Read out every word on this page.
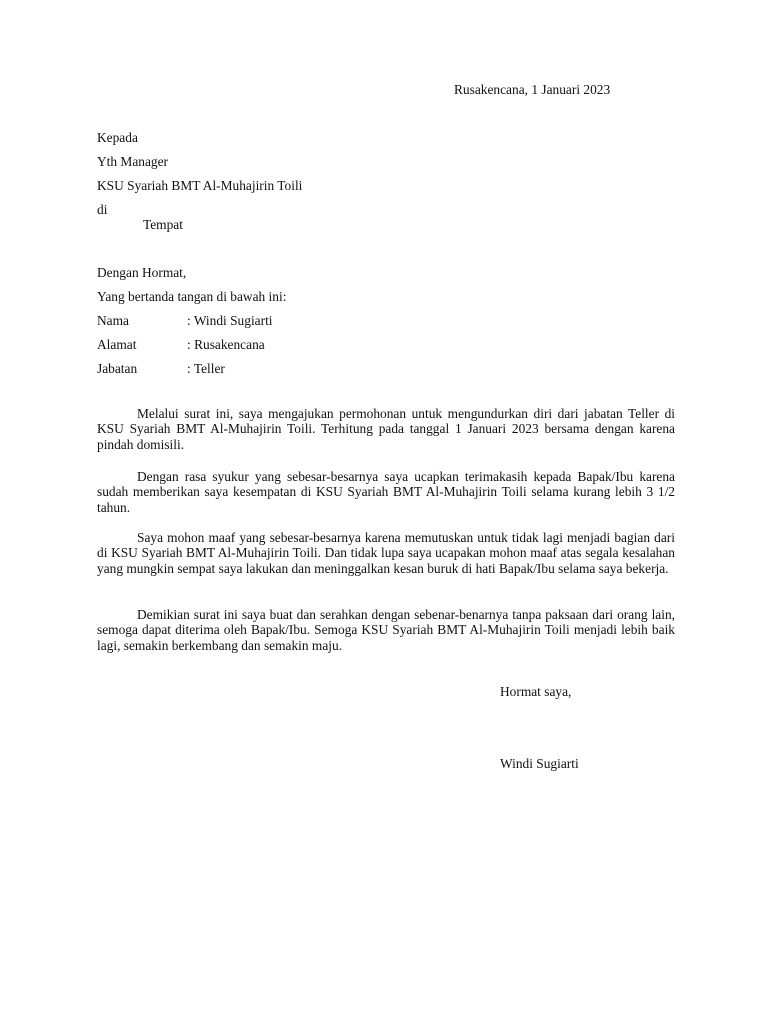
Rusakencana, 1 Januari 2023
Kepada
Yth Manager
KSU Syariah BMT Al-Muhajirin Toili
di
Tempat
Dengan Hormat,
Yang bertanda tangan di bawah ini:
Nama	: Windi Sugiarti
Alamat	: Rusakencana
Jabatan	: Teller

Melalui surat ini, saya mengajukan permohonan untuk mengundurkan diri dari jabatan Teller di KSU Syariah BMT Al-Muhajirin Toili. Terhitung pada tanggal 1 Januari 2023 bersama dengan karena pindah domisili.

Dengan rasa syukur yang sebesar-besarnya saya ucapkan terimakasih kepada Bapak/Ibu karena sudah memberikan saya kesempatan di KSU Syariah BMT Al-Muhajirin Toili selama kurang lebih 3 1/2 tahun.

Saya mohon maaf yang sebesar-besarnya karena memutuskan untuk tidak lagi menjadi bagian dari di KSU Syariah BMT Al-Muhajirin Toili. Dan tidak lupa saya ucapakan mohon maaf atas segala kesalahan yang mungkin sempat saya lakukan dan meninggalkan kesan buruk di hati Bapak/Ibu selama saya bekerja.

Demikian surat ini saya buat dan serahkan dengan sebenar-benarnya tanpa paksaan dari orang lain, semoga dapat diterima oleh Bapak/Ibu. Semoga KSU Syariah BMT Al-Muhajirin Toili menjadi lebih baik lagi, semakin berkembang dan semakin maju.

Hormat saya,
Windi Sugiarti
